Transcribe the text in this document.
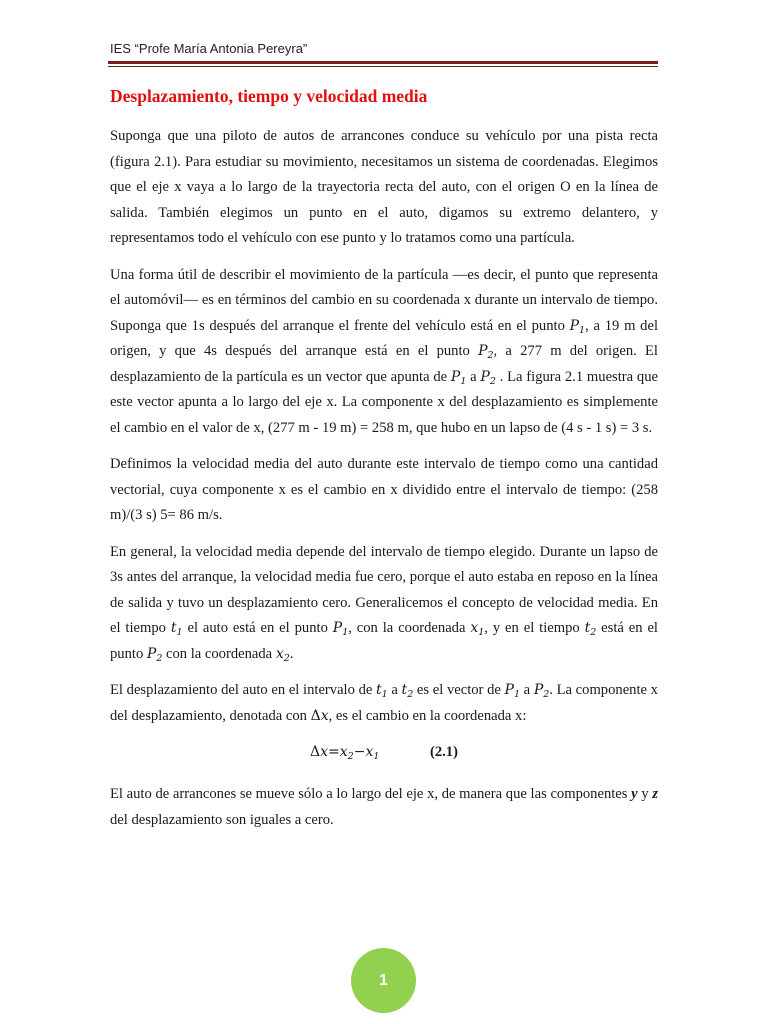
IES “Profe María Antonia Pereyra”
Desplazamiento, tiempo y velocidad media

Suponga que una piloto de autos de arrancones conduce su vehículo por una pista recta (figura 2.1). Para estudiar su movimiento, necesitamos un sistema de coordenadas. Elegimos que el eje x vaya a lo largo de la trayectoria recta del auto, con el origen O en la línea de salida. También elegimos un punto en el auto, digamos su extremo delantero, y representamos todo el vehículo con ese punto y lo tratamos como una partícula.

Una forma útil de describir el movimiento de la partícula —es decir, el punto que representa el automóvil— es en términos del cambio en su coordenada x durante un intervalo de tiempo. Suponga que 1s después del arranque el frente del vehículo está en el punto $P_1$, a 19 m del origen, y que 4s después del arranque está en el punto $P_2$, a 277 m del origen. El desplazamiento de la partícula es un vector que apunta de $P_1$ a $P_2$ . La figura 2.1 muestra que este vector apunta a lo largo del eje x. La componente x del desplazamiento es simplemente el cambio en el valor de x, (277 m - 19 m) = 258 m, que hubo en un lapso de (4 s - 1 s) = 3 s.

Definimos la velocidad media del auto durante este intervalo de tiempo como una cantidad vectorial, cuya componente x es el cambio en x dividido entre el intervalo de tiempo: (258 m)/(3 s) 5= 86 m/s.

En general, la velocidad media depende del intervalo de tiempo elegido. Durante un lapso de 3s antes del arranque, la velocidad media fue cero, porque el auto estaba en reposo en la línea de salida y tuvo un desplazamiento cero. Generalicemos el concepto de velocidad media. En el tiempo $t_1$ el auto está en el punto $P_1$, con la coordenada $x_1$, y en el tiempo $t_2$ está en el punto $P_2$ con la coordenada $x_2$.

El desplazamiento del auto en el intervalo de $t_1$ a $t_2$ es el vector de $P_1$ a $P_2$. La componente x del desplazamiento, denotada con Δx, es el cambio en la coordenada x:

$\Delta x=x_2-x_1$	(2.1)

El auto de arrancones se mueve sólo a lo largo del eje x, de manera que las componentes y y z del desplazamiento son iguales a cero.

1
